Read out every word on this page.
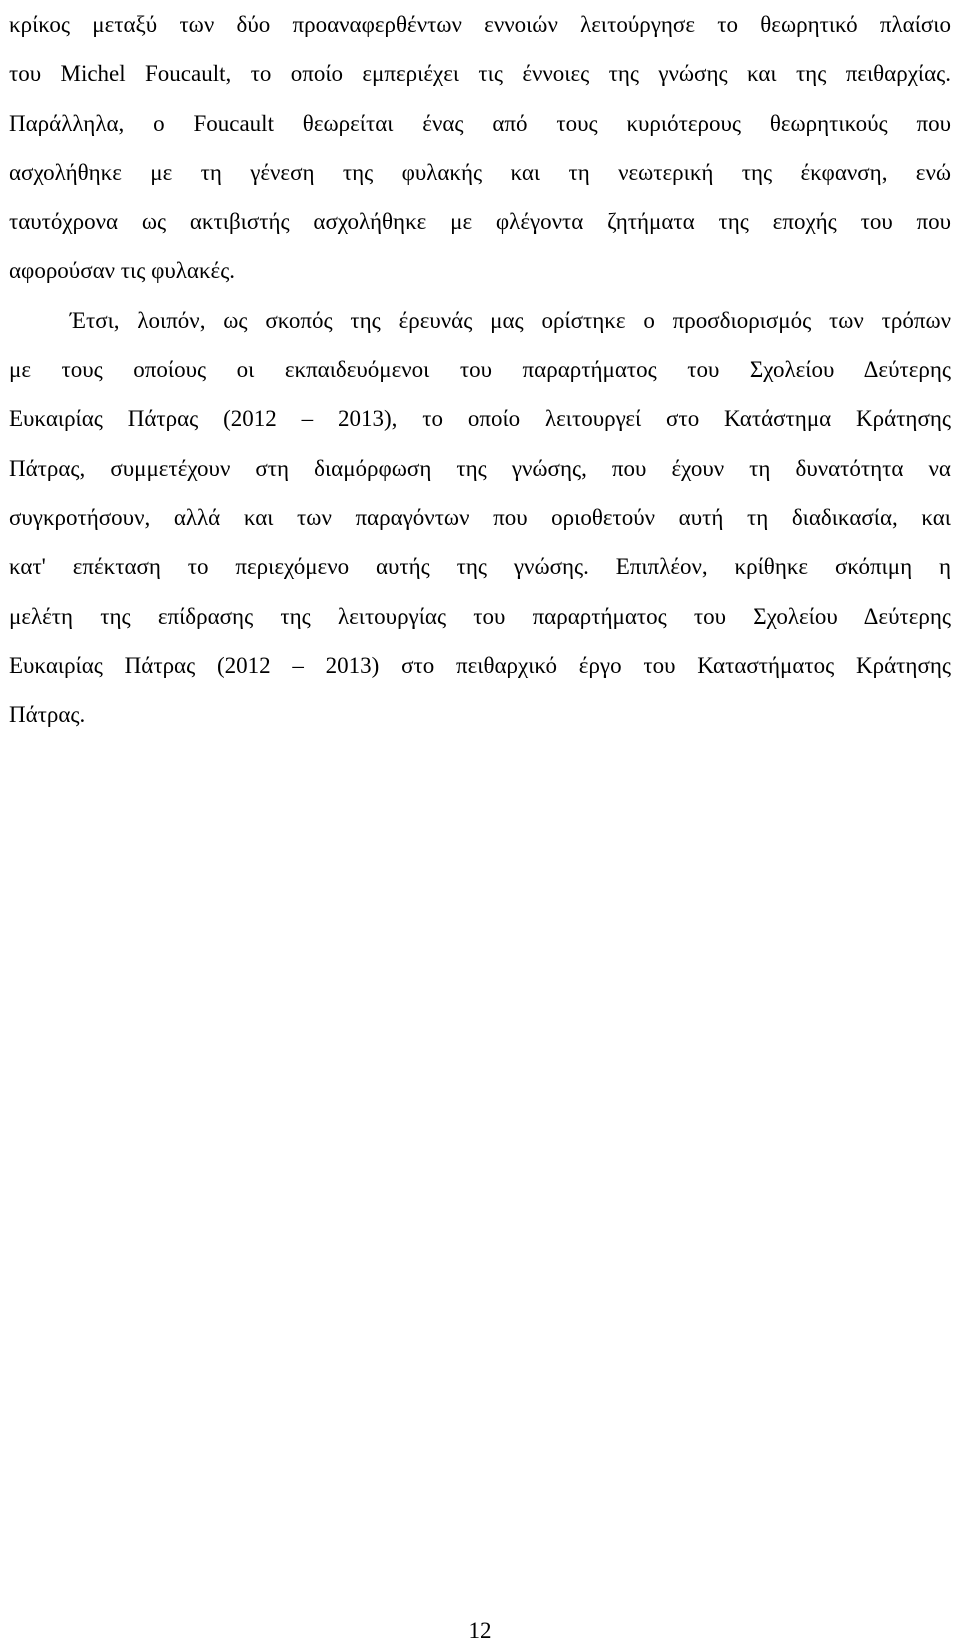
κρίκος μεταξύ των δύο προαναφερθέντων εννοιών λειτούργησε το θεωρητικό πλαίσιο
του Michel Foucault, το οποίο εμπεριέχει τις έννοιες της γνώσης και της πειθαρχίας.
Παράλληλα, ο Foucault θεωρείται ένας από τους κυριότερους θεωρητικούς που
ασχολήθηκε με τη γένεση της φυλακής και τη νεωτερική της έκφανση, ενώ
ταυτόχρονα ως ακτιβιστής ασχολήθηκε με φλέγοντα ζητήματα της εποχής του που
αφορούσαν τις φυλακές.
Έτσι, λοιπόν, ως σκοπός της έρευνάς μας ορίστηκε ο προσδιορισμός των τρόπων
με τους οποίους οι εκπαιδευόμενοι του παραρτήματος του Σχολείου Δεύτερης
Ευκαιρίας Πάτρας (2012 – 2013), το οποίο λειτουργεί στο Κατάστημα Κράτησης
Πάτρας, συμμετέχουν στη διαμόρφωση της γνώσης, που έχουν τη δυνατότητα να
συγκροτήσουν, αλλά και των παραγόντων που οριοθετούν αυτή τη διαδικασία, και
κατ' επέκταση το περιεχόμενο αυτής της γνώσης. Επιπλέον, κρίθηκε σκόπιμη η
μελέτη της επίδρασης της λειτουργίας του παραρτήματος του Σχολείου Δεύτερης
Ευκαιρίας Πάτρας (2012 – 2013) στο πειθαρχικό έργο του Καταστήματος Κράτησης
Πάτρας.
12
